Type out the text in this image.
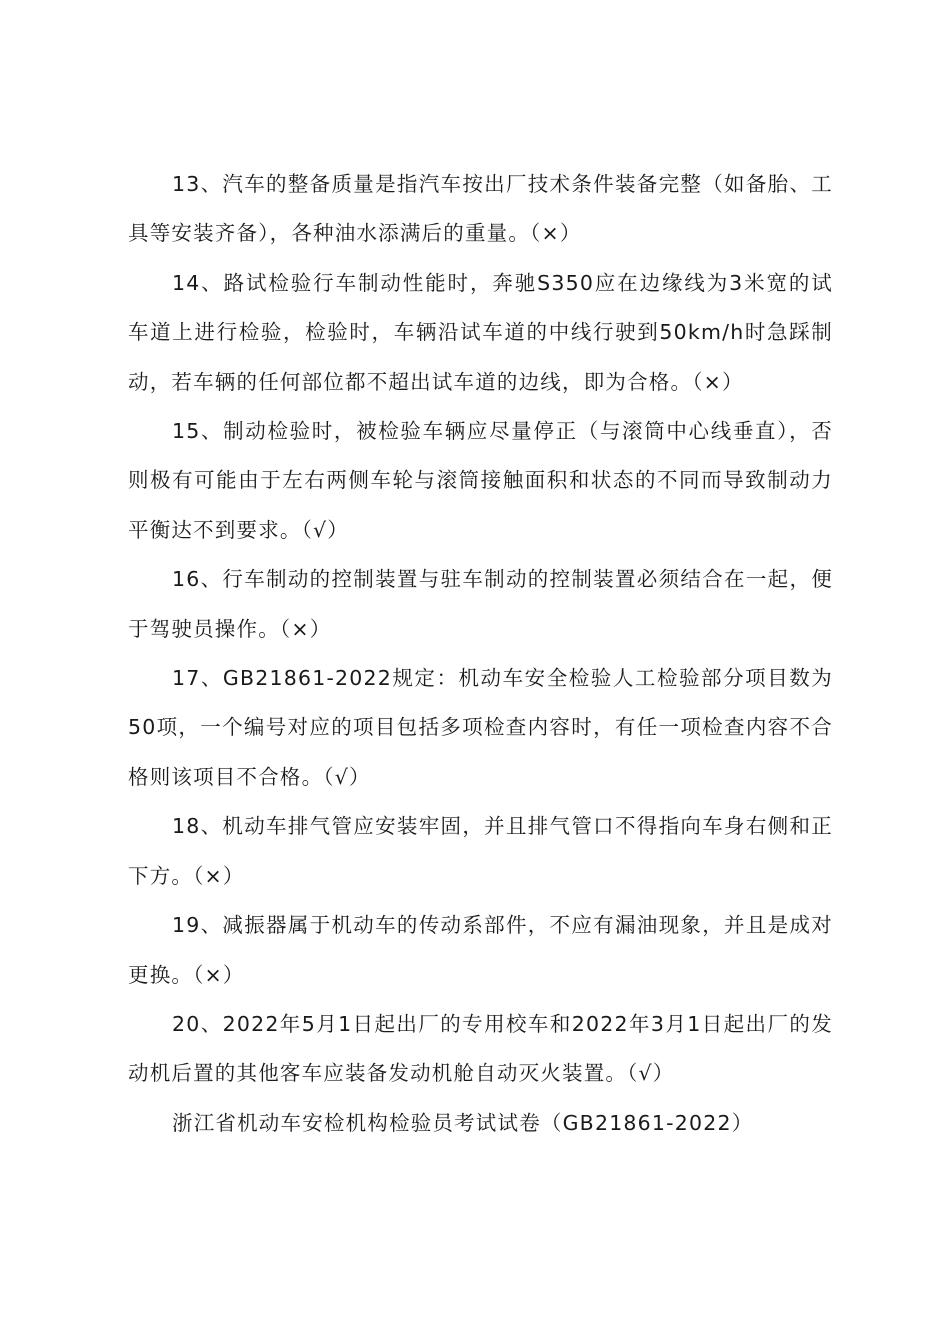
13、汽车的整备质量是指汽车按出厂技术条件装备完整（如备胎、工具等安装齐备），各种油水添满后的重量。（×）

14、路试检验行车制动性能时，奔驰S350应在边缘线为3米宽的试车道上进行检验，检验时，车辆沿试车道的中线行驶到50km/h时急踩制动，若车辆的任何部位都不超出试车道的边线，即为合格。（×）

15、制动检验时，被检验车辆应尽量停正（与滚筒中心线垂直），否则极有可能由于左右两侧车轮与滚筒接触面积和状态的不同而导致制动力平衡达不到要求。（√）

16、行车制动的控制装置与驻车制动的控制装置必须结合在一起，便于驾驶员操作。（×）

17、GB21861-2022规定：机动车安全检验人工检验部分项目数为50项，一个编号对应的项目包括多项检查内容时，有任一项检查内容不合格则该项目不合格。（√）

18、机动车排气管应安装牢固，并且排气管口不得指向车身右侧和正下方。（×）

19、减振器属于机动车的传动系部件，不应有漏油现象，并且是成对更换。（×）

20、2022年5月1日起出厂的专用校车和2022年3月1日起出厂的发动机后置的其他客车应装备发动机舱自动灭火装置。（√）

浙江省机动车安检机构检验员考试试卷（GB21861-2022）
